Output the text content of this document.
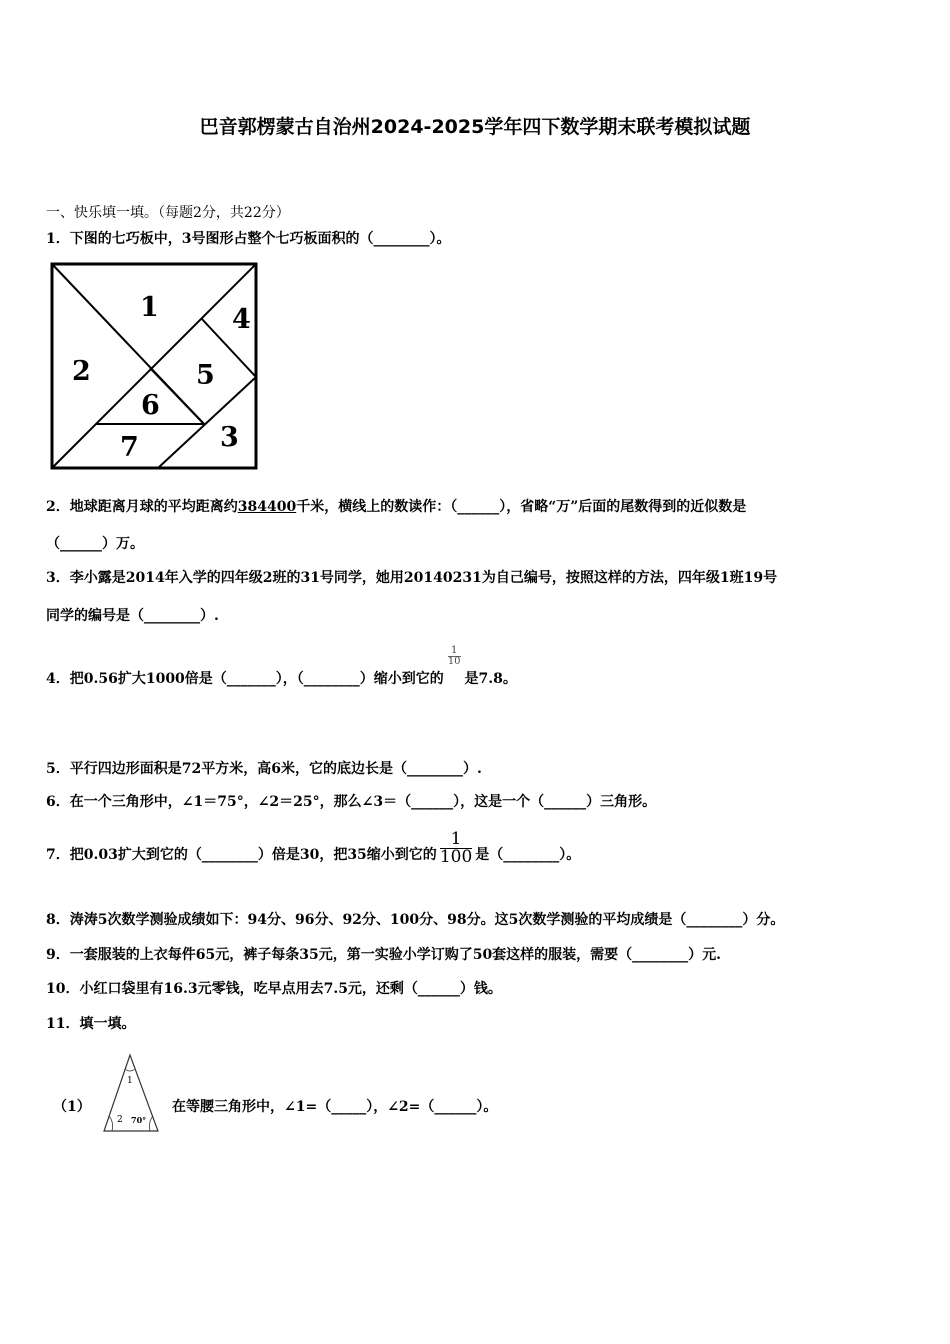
巴音郭楞蒙古自治州2024-2025学年四下数学期末联考模拟试题
一、快乐填一填。（每题2分，共22分）
1．下图的七巧板中，3号图形占整个七巧板面积的（________）。
1
2
3
4
5
6
7
2．地球距离月球的平均距离约384400千米，横线上的数读作：（______），省略“万”后面的尾数得到的近似数是
（______）万。
3．李小露是2014年入学的四年级2班的31号同学，她用20140231为自己编号，按照这样的方法，四年级1班19号
同学的编号是（________）.
4．把0.56扩大1000倍是（_______），（________）缩小到它的
$\frac{1}{10}$
是7.8。
5．平行四边形面积是72平方米，高6米，它的底边长是（________）.
6．在一个三角形中，∠1＝75°，∠2＝25°，那么∠3＝（______），这是一个（______）三角形。
7．把0.03扩大到它的（________）倍是30，把35缩小到它的 $\frac{1}{100}$ 是（________）。
8．涛涛5次数学测验成绩如下：94分、96分、92分、100分、98分。这5次数学测验的平均成绩是（________）分。
9．一套服装的上衣每件65元，裤子每条35元，第一实验小学订购了50套这样的服装，需要（________）元.
10．小红口袋里有16.3元零钱，吃早点用去7.5元，还剩（______）钱。
11．填一填。
（1）
1
2 70°
在等腰三角形中，∠1=（_____），∠2=（______）。
